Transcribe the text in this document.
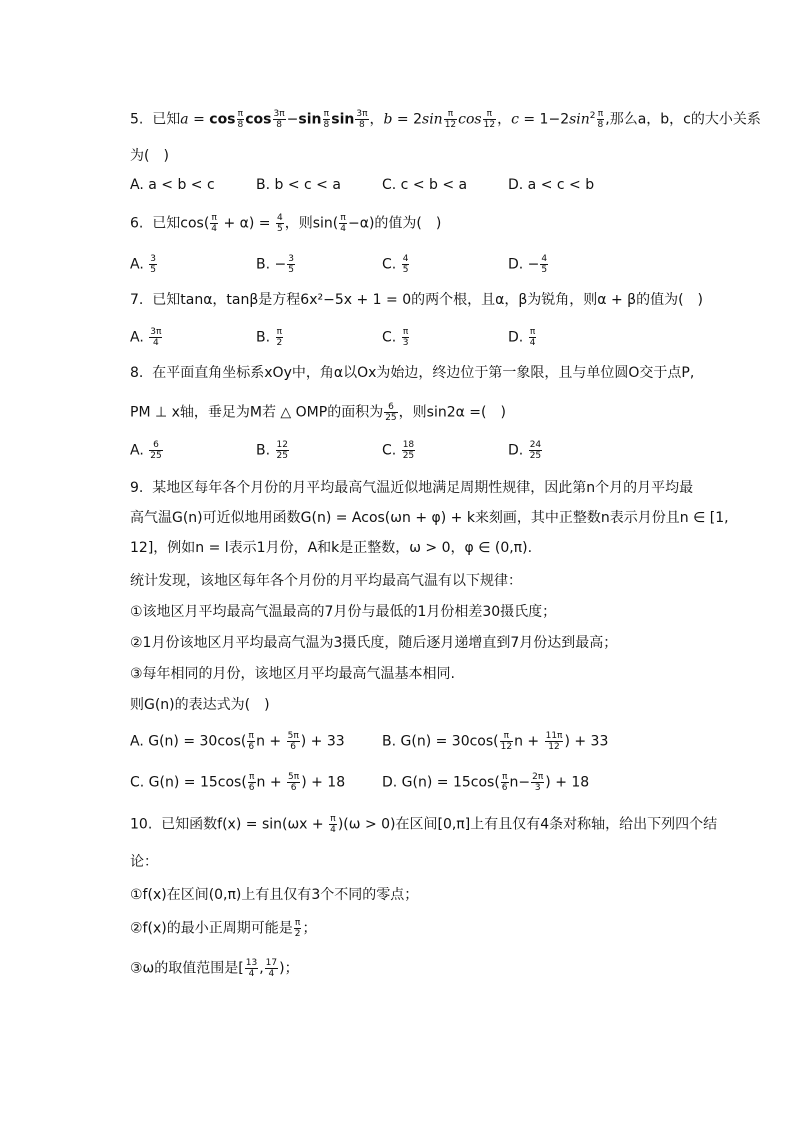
5. 已知$a = \cos \frac{\pi}{8}$ $\cos \frac{3\pi}{8} -\sin \frac{\pi}{8}$ $\sin \frac{3\pi}{8}$ ，$b = 2\sin \frac{\pi}{12}$ $\cos \frac{\pi}{12}$ ，$c = 1-2\sin^2 \frac{\pi}{8}$ ,那么a，b，c的大小关系
为(　)
A. a < b < c	B. b < c < a	C. c < b < a	D. a < c < b
6. 已知$\cos( \frac{\pi}{4} + \alpha) = \frac{4}{5}$ ，则$\sin( \frac{\pi}{4} -\alpha)$的值为(　)
A. $\frac{3}{5}$	B. − $\frac{3}{5}$	C. $\frac{4}{5}$	D. − $\frac{4}{5}$
7. 已知tanα，tanβ是方程6x²−5x + 1 = 0的两个根，且α，β为锐角，则α + β的值为(　)
A. $\frac{3\pi}{4}$	B. $\frac{\pi}{2}$	C. $\frac{\pi}{3}$	D. $\frac{\pi}{4}$
8. 在平面直角坐标系xOy中，角α以Ox为始边，终边位于第一象限，且与单位圆O交于点P,
PM ⊥ x轴，垂足为M若 △ OMP的面积为 $\frac{6}{25}$ ，则sin2α =(　)
A. $\frac{6}{25}$	B. $\frac{12}{25}$	C. $\frac{18}{25}$	D. $\frac{24}{25}$
9. 某地区每年各个月份的月平均最高气温近似地满足周期性规律，因此第n个月的月平均最
高气温G(n)可近似地用函数G(n) = Acos(ωn + φ) + k来刻画，其中正整数n表示月份且n ∈ [1,
12]，例如n = l表示1月份，A和k是正整数，ω > 0，φ ∈ (0,π).
统计发现，该地区每年各个月份的月平均最高气温有以下规律：
①该地区月平均最高气温最高的7月份与最低的1月份相差30摄氏度；
②1月份该地区月平均最高气温为3摄氏度，随后逐月递增直到7月份达到最高；
③每年相同的月份，该地区月平均最高气温基本相同.
则G(n)的表达式为(　)
A. $G(n) = 30\cos( \frac{\pi}{6}$ $n + \frac{5\pi}{6}$ ) + 33	B. $G(n) = 30\cos( \frac{\pi}{12}$ $n + \frac{11\pi}{12}$ ) + 33
C. $G(n) = 15\cos( \frac{\pi}{6}$ $n + \frac{5\pi}{6}$ ) + 18	D. $G(n) = 15\cos( \frac{\pi}{6} n- \frac{2\pi}{3}$ ) + 18
10. 已知函数$f(x) = \sin(\omega x + \frac{\pi}{4} )(\omega > 0)$在区间[0,π]上有且仅有4条对称轴，给出下列四个结
论：
①f(x)在区间(0,π)上有且仅有3个不同的零点；
②f(x)的最小正周期可能是 $\frac{\pi}{2}$ ；
③ω的取值范围是[ $\frac{13}{4}$ , $\frac{17}{4}$ )；
